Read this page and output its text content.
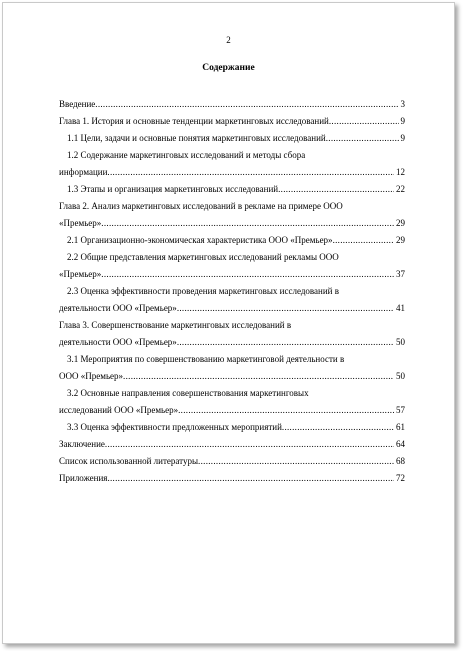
2
Содержание
Введение .....	3
Глава 1. История и основные тенденции маркетинговых исследований .....	9
1.1 Цели, задачи и основные понятия маркетинговых исследований .....	9
1.2 Содержание маркетинговых исследований и методы сбора
информации .....	12
1.3 Этапы и организация маркетинговых исследований .....	22
Глава 2. Анализ маркетинговых исследований в рекламе на примере ООО
«Премьер» .....	29
2.1 Организационно-экономическая характеристика ООО «Премьер» .....	29
2.2 Общие представления маркетинговых исследований рекламы ООО
«Премьер» .....	37
2.3 Оценка эффективности проведения маркетинговых исследований в
деятельности ООО «Премьер» .....	41
Глава 3. Совершенствование маркетинговых исследований в
деятельности ООО «Премьер» .....	50
3.1 Мероприятия по совершенствованию маркетинговой деятельности в
ООО «Премьер» .....	50
3.2 Основные направления совершенствования маркетинговых
исследований ООО «Премьер» .....	57
3.3 Оценка эффективности предложенных мероприятий .....	61
Заключение .....	64
Список использованной литературы .....	68
Приложения .....	72
